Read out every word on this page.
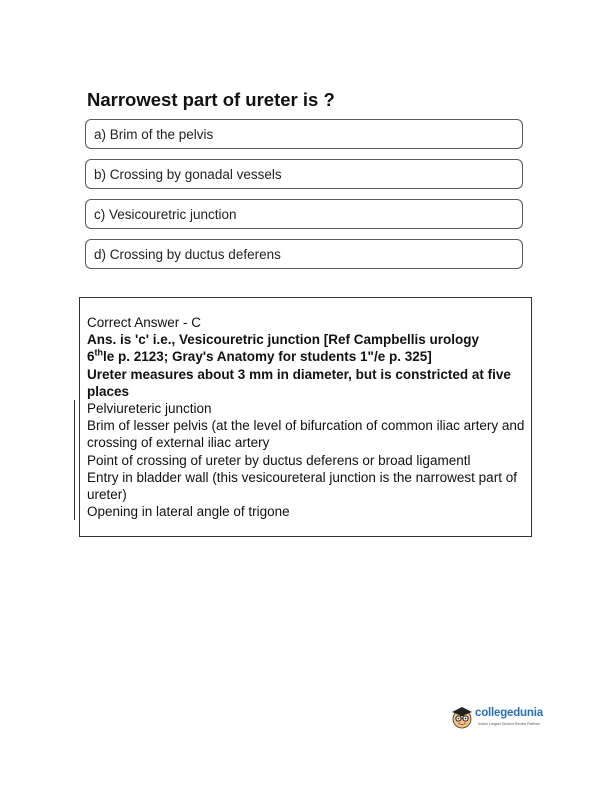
Narrowest part of ureter is ?
a) Brim of the pelvis
b) Crossing by gonadal vessels
c) Vesicouretric junction
d) Crossing by ductus deferens
Correct Answer - C
Ans. is 'c' i.e., Vesicouretric junction [Ref Campbellis urology
6thle p. 2123; Gray's Anatomy for students 1"/e p. 325]
Ureter measures about 3 mm in diameter, but is constricted at five places
Pelviureteric junction
Brim of lesser pelvis (at the level of bifurcation of common iliac artery and crossing of external iliac artery
Point of crossing of ureter by ductus deferens or broad ligamentl
Entry in bladder wall (this vesicoureteral junction is the narrowest part of ureter)
Opening in lateral angle of trigone
collegedunia
India's Largest Student Review Platform
